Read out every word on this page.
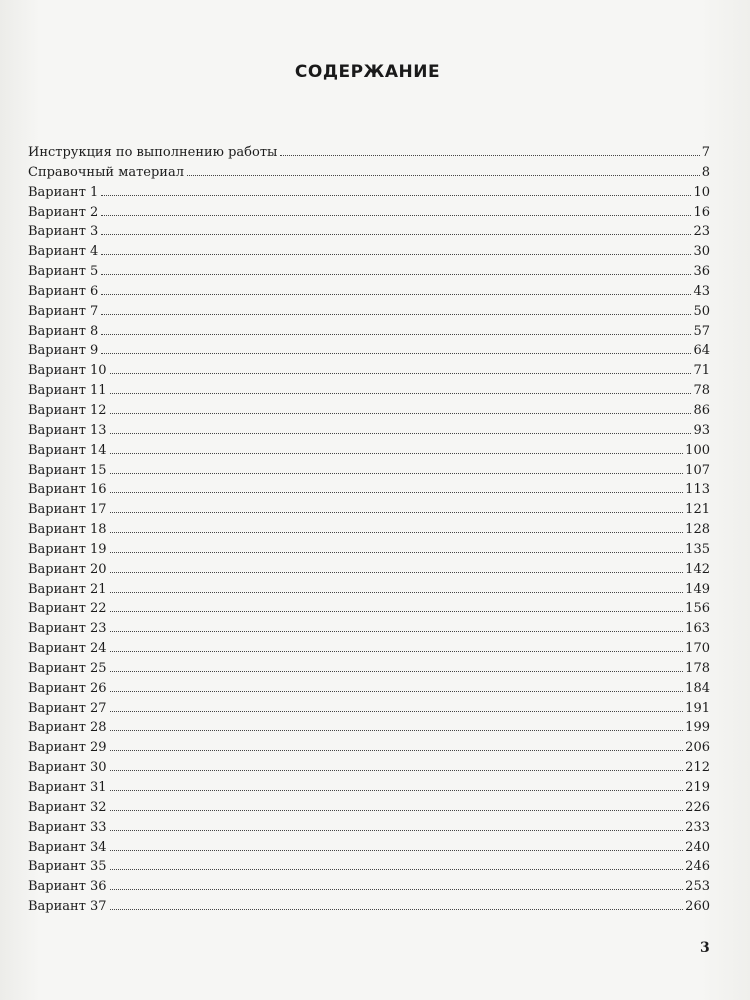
СОДЕРЖАНИЕ
Инструкция по выполнению работы	7
Справочный материал	8
Вариант 1	10
Вариант 2	16
Вариант 3	23
Вариант 4	30
Вариант 5	36
Вариант 6	43
Вариант 7	50
Вариант 8	57
Вариант 9	64
Вариант 10	71
Вариант 11	78
Вариант 12	86
Вариант 13	93
Вариант 14	100
Вариант 15	107
Вариант 16	113
Вариант 17	121
Вариант 18	128
Вариант 19	135
Вариант 20	142
Вариант 21	149
Вариант 22	156
Вариант 23	163
Вариант 24	170
Вариант 25	178
Вариант 26	184
Вариант 27	191
Вариант 28	199
Вариант 29	206
Вариант 30	212
Вариант 31	219
Вариант 32	226
Вариант 33	233
Вариант 34	240
Вариант 35	246
Вариант 36	253
Вариант 37	260
3
